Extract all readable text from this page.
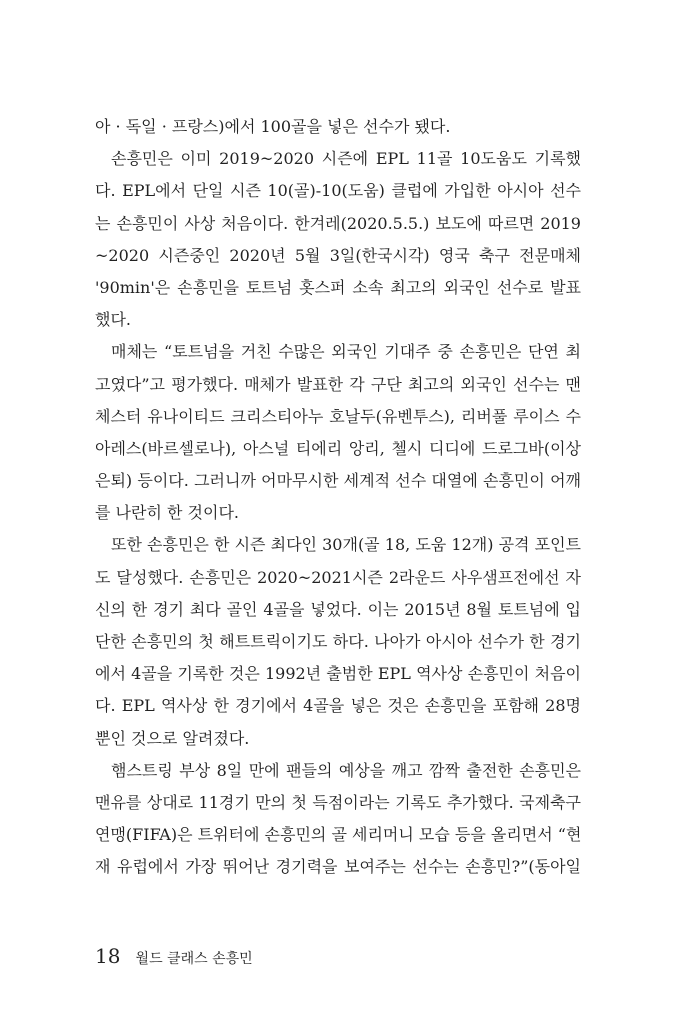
아 · 독일 · 프랑스)에서 100골을 넣은 선수가 됐다.
손흥민은 이미 2019~2020 시즌에 EPL 11골 10도움도 기록했
다. EPL에서 단일 시즌 10(골)-10(도움) 클럽에 가입한 아시아 선수
는 손흥민이 사상 처음이다. 한겨레(2020.5.5.) 보도에 따르면 2019
~2020 시즌중인 2020년 5월 3일(한국시각) 영국 축구 전문매체
'90min'은 손흥민을 토트넘 홋스퍼 소속 최고의 외국인 선수로 발표
했다.
매체는 “토트넘을 거친 수많은 외국인 기대주 중 손흥민은 단연 최
고였다”고 평가했다. 매체가 발표한 각 구단 최고의 외국인 선수는 맨
체스터 유나이티드 크리스티아누 호날두(유벤투스), 리버풀 루이스 수
아레스(바르셀로나), 아스널 티에리 앙리, 첼시 디디에 드로그바(이상
은퇴) 등이다. 그러니까 어마무시한 세계적 선수 대열에 손흥민이 어깨
를 나란히 한 것이다.
또한 손흥민은 한 시즌 최다인 30개(골 18, 도움 12개) 공격 포인트
도 달성했다. 손흥민은 2020~2021시즌 2라운드 사우샘프전에선 자
신의 한 경기 최다 골인 4골을 넣었다. 이는 2015년 8월 토트넘에 입
단한 손흥민의 첫 해트트릭이기도 하다. 나아가 아시아 선수가 한 경기
에서 4골을 기록한 것은 1992년 출범한 EPL 역사상 손흥민이 처음이
다. EPL 역사상 한 경기에서 4골을 넣은 것은 손흥민을 포함해 28명
뿐인 것으로 알려졌다.
햄스트링 부상 8일 만에 팬들의 예상을 깨고 깜짝 출전한 손흥민은
맨유를 상대로 11경기 만의 첫 득점이라는 기록도 추가했다. 국제축구
연맹(FIFA)은 트위터에 손흥민의 골 세리머니 모습 등을 올리면서 “현
재 유럽에서 가장 뛰어난 경기력을 보여주는 선수는 손흥민?”(동아일
18 월드 클래스 손흥민
